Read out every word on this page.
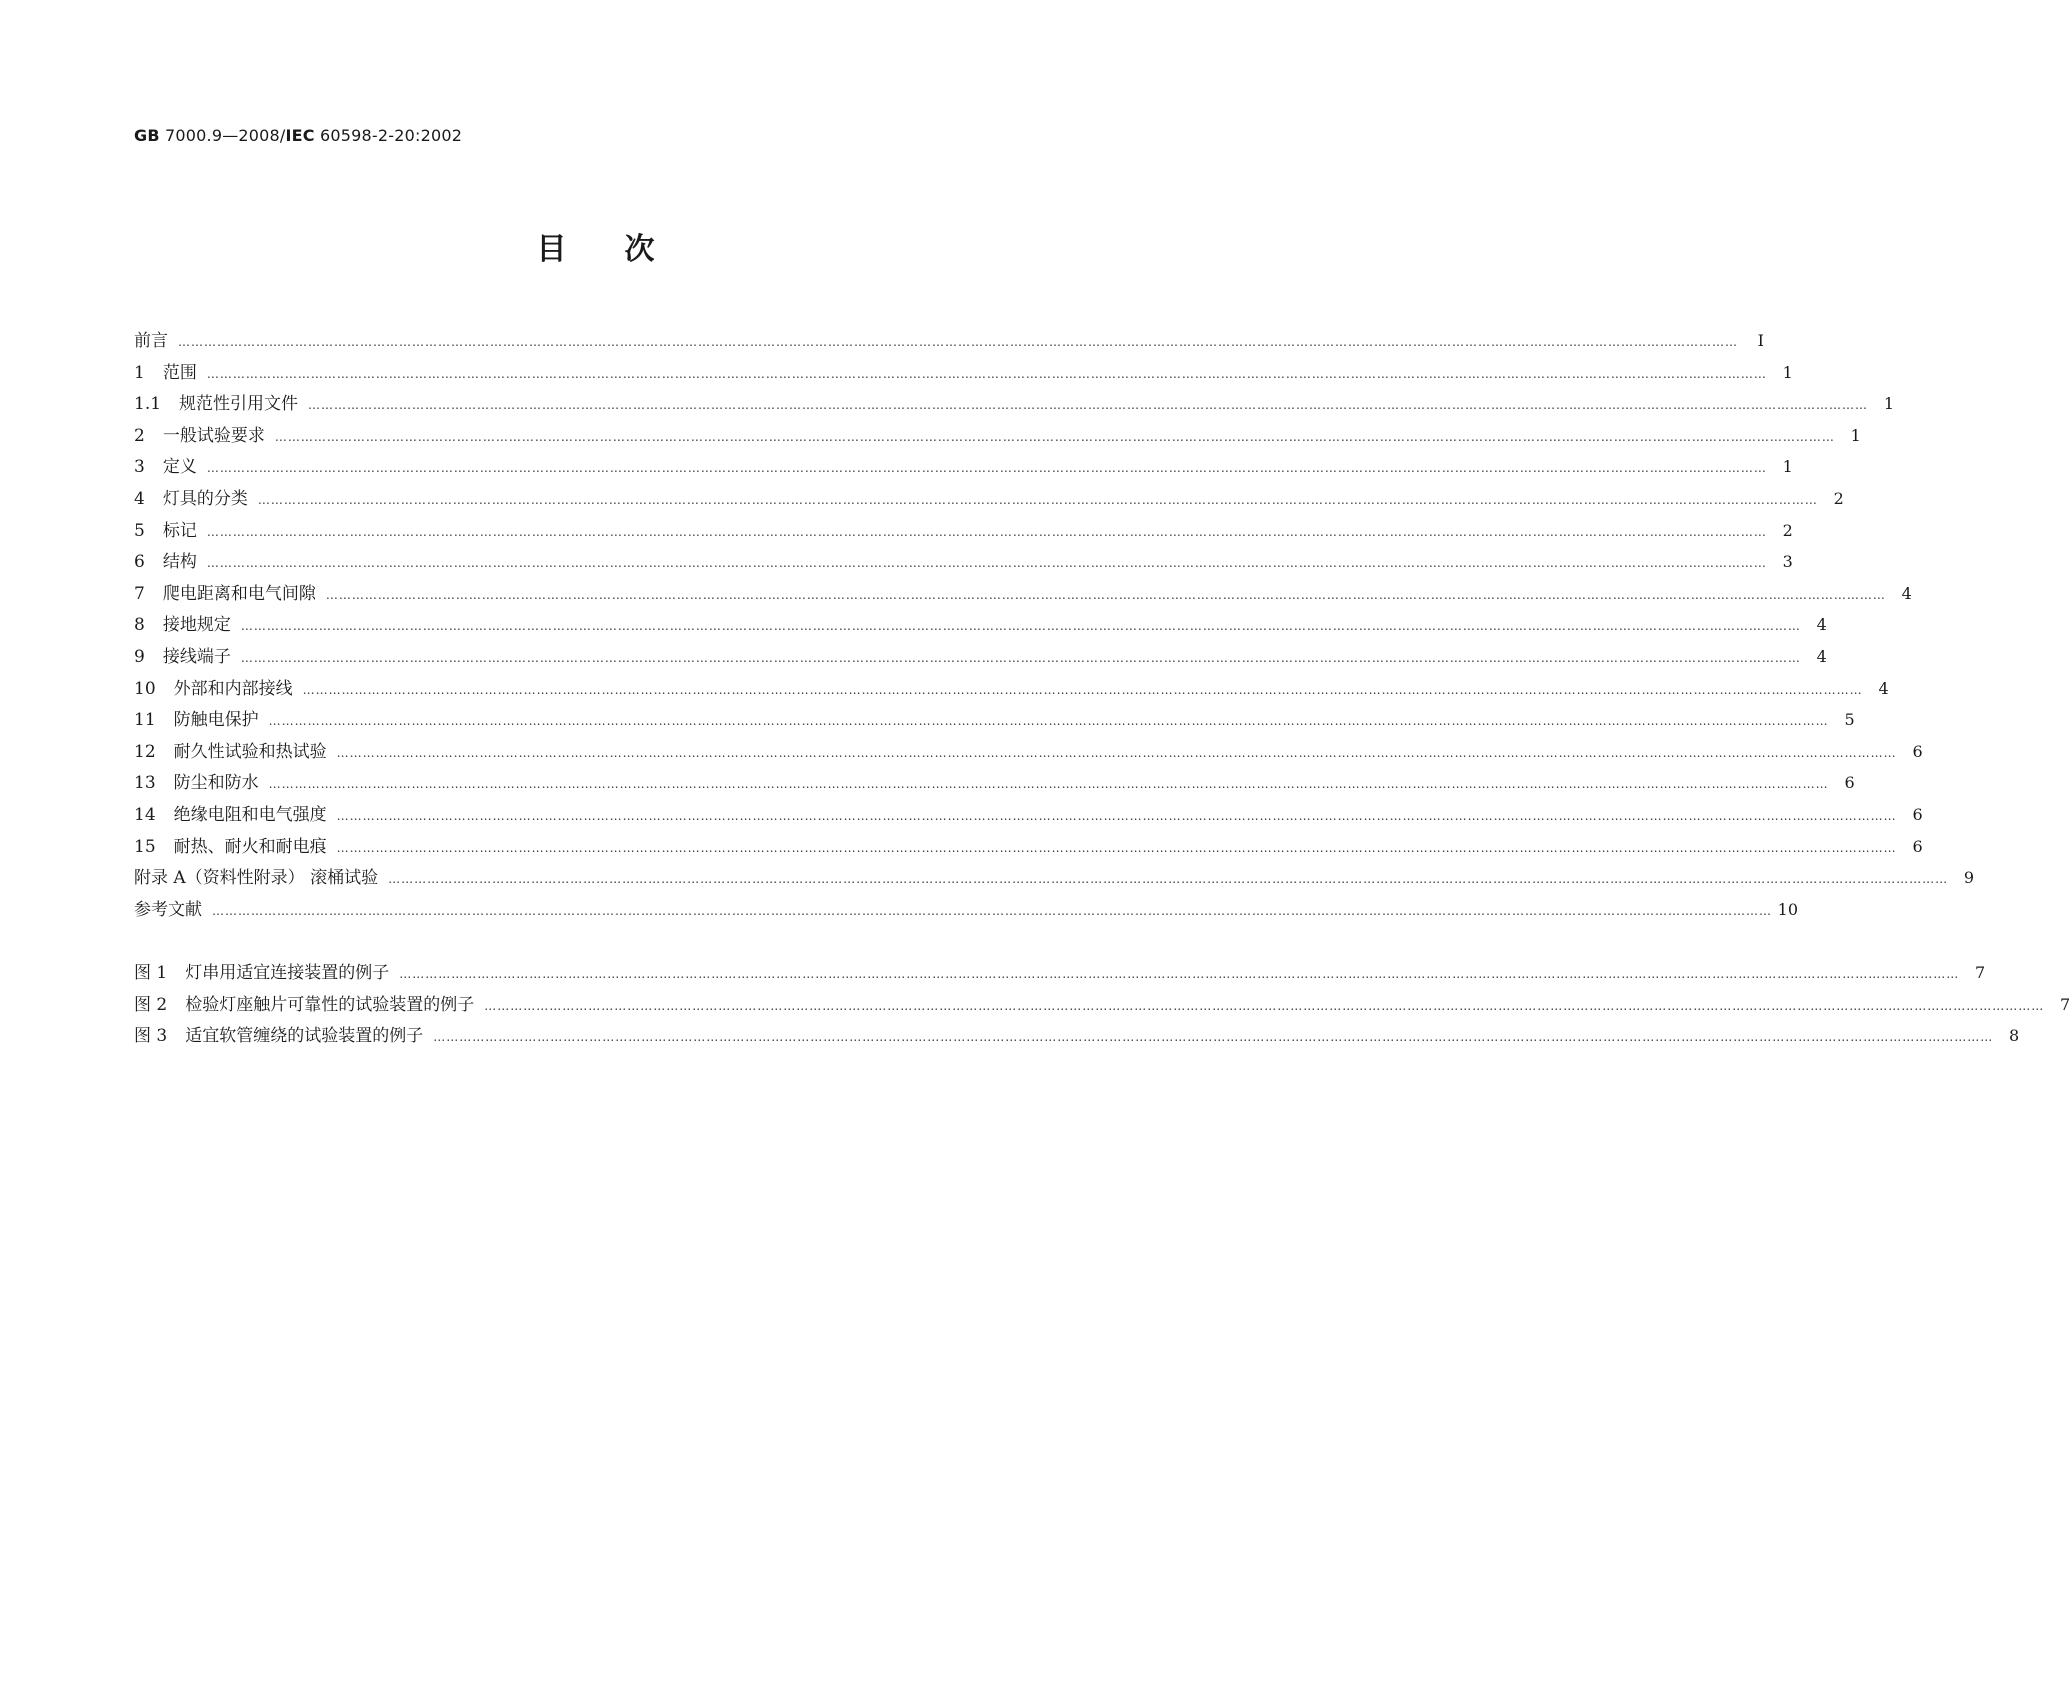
GB 7000.9—2008/IEC 60598-2-20:2002
目次
前言 ………………………………………………………………………………………………………………………………………………………………………………………………………………………………………………………………………………………………………………………………	I
1 范围 ……………………………………………………………………………………………………………………………………………………………………………………………………………………………………………………………………………………………………………………………… 1
1.1 规范性引用文件 ……………………………………………………………………………………………………………………………………………………………………………………………………………………………………………………………………………………………………………………………… 1
2 一般试验要求 ……………………………………………………………………………………………………………………………………………………………………………………………………………………………………………………………………………………………………………………………… 1
3 定义 ……………………………………………………………………………………………………………………………………………………………………………………………………………………………………………………………………………………………………………………………… 1
4 灯具的分类 ……………………………………………………………………………………………………………………………………………………………………………………………………………………………………………………………………………………………………………………………… 2
5 标记 ……………………………………………………………………………………………………………………………………………………………………………………………………………………………………………………………………………………………………………………………… 2
6 结构 ……………………………………………………………………………………………………………………………………………………………………………………………………………………………………………………………………………………………………………………………… 3
7 爬电距离和电气间隙 ……………………………………………………………………………………………………………………………………………………………………………………………………………………………………………………………………………………………………………………………… 4
8 接地规定 ……………………………………………………………………………………………………………………………………………………………………………………………………………………………………………………………………………………………………………………………… 4
9 接线端子 ……………………………………………………………………………………………………………………………………………………………………………………………………………………………………………………………………………………………………………………………… 4
10 外部和内部接线 ……………………………………………………………………………………………………………………………………………………………………………………………………………………………………………………………………………………………………………………………… 4
11 防触电保护 ……………………………………………………………………………………………………………………………………………………………………………………………………………………………………………………………………………………………………………………………… 5
12 耐久性试验和热试验 ……………………………………………………………………………………………………………………………………………………………………………………………………………………………………………………………………………………………………………………………… 6
13 防尘和防水 ……………………………………………………………………………………………………………………………………………………………………………………………………………………………………………………………………………………………………………………………… 6
14 绝缘电阻和电气强度 ……………………………………………………………………………………………………………………………………………………………………………………………………………………………………………………………………………………………………………………………… 6
15 耐热、耐火和耐电痕 ……………………………………………………………………………………………………………………………………………………………………………………………………………………………………………………………………………………………………………………………… 6
附录 A（资料性附录） 滚桶试验 ……………………………………………………………………………………………………………………………………………………………………………………………………………………………………………………………………………………………………………………………… 9
参考文献 ……………………………………………………………………………………………………………………………………………………………………………………………………………………………………………………………………………………………………………………………… 10
图 1 灯串用适宜连接装置的例子 ……………………………………………………………………………………………………………………………………………………………………………………………………………………………………………………………………………………………………………………………… 7
图 2 检验灯座触片可靠性的试验装置的例子 ……………………………………………………………………………………………………………………………………………………………………………………………………………………………………………………………………………………………………………………………… 7
图 3 适宜软管缠绕的试验装置的例子 ……………………………………………………………………………………………………………………………………………………………………………………………………………………………………………………………………………………………………………………………… 8
